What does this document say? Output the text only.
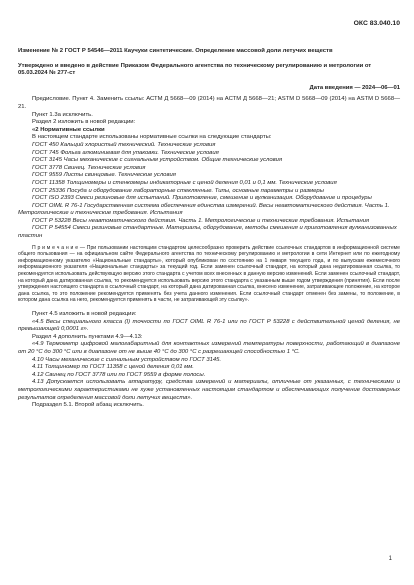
ОКС 83.040.10

Изменение № 2 ГОСТ Р 54546—2011 Каучуки синтетические. Определение массовой доли летучих веществ

Утверждено и введено в действие Приказом Федерального агентства по техническому регулированию и метрологии от 05.03.2024 № 277-ст

Дата введения — 2024—06—01

Предисловие. Пункт 4. Заменить ссылы: АСТМ Д 5668—09 (2014) на АСТМ Д 5668—21; ASTM D 5668—09 (2014) на ASTM D 5668—21.

Пункт 1.3а исключить.

Раздел 2 изложить в новой редакции:

«2 Нормативные ссылки

В настоящем стандарте использованы нормативные ссылки на следующие стандарты:

ГОСТ 450 Кальций хлористый технический. Технические условия

ГОСТ 745 Фольга алюминиевая для упаковки. Технические условия

ГОСТ 3145 Часы механические с сигнальным устройством. Общие технические условия

ГОСТ 3778 Свинец. Технические условия

ГОСТ 9559 Листы свинцовые. Технические условия

ГОСТ 11358 Толщиномеры и стенкомеры индикаторные с ценой деления 0,01 и 0,1 мм. Технические условия

ГОСТ 25336 Посуда и оборудование лабораторные стеклянные. Типы, основные параметры и размеры

ГОСТ ISO 2393 Смеси резиновые для испытаний. Приготовление, смешение и вулканизация. Оборудование и процедуры

ГОСТ OIML R 76-1 Государственная система обеспечения единства измерений. Весы неавтоматического действия. Часть 1. Метрологические и технические требования. Испытания

ГОСТ Р 53228 Весы неавтоматического действия. Часть 1. Метрологические и технические требования. Испытания

ГОСТ Р 54554 Смеси резиновые стандартные. Материалы, оборудование, методы смешения и приготовления вулканизованных пластин

П р и м е ч а н и е — При пользовании настоящим стандартом целесообразно проверить действие ссылочных стандартов в информационной системе общего пользования — на официальном сайте Федерального агентства по техническому регулированию и метрологии в сети Интернет или по ежегодному информационному указателю «Национальные стандарты», который опубликован по состоянию на 1 января текущего года, и по выпускам ежемесячного информационного указателя «Национальные стандарты» за текущий год. Если заменен ссылочный стандарт, на который дана недатированная ссылка, то рекомендуется использовать действующую версию этого стандарта с учетом всех внесенных в данную версию изменений. Если заменен ссылочный стандарт, на который дана датированная ссылка, то рекомендуется использовать версию этого стандарта с указанным выше годом утверждения (принятия). Если после утверждения настоящего стандарта в ссылочный стандарт, на который дана датированная ссылка, внесено изменение, затрагивающее положение, на которое дана ссылка, то это положение рекомендуется применять без учета данного изменения. Если ссылочный стандарт отменен без замены, то положение, в котором дана ссылка на него, рекомендуется применять в части, не затрагивающей эту ссылку».

Пункт 4.5 изложить в новой редакции:

«4.5 Весы специального класса (I) точности по ГОСТ OIML R 76-1 или по ГОСТ Р 53228 с действительной ценой деления, не превышающей 0,0001 г».

Раздел 4 дополнить пунктами 4.9—4.13:

«4.9 Термометр цифровой малогабаритный для контактных измерений температуры поверхности, работающий в диапазоне от 20 °С до 300 °С или в диапазоне от не выше 40 °С до 300 °С с разрешающей способностью 1 °С.

4.10 Часы механические с сигнальным устройством по ГОСТ 3145.

4.11 Толщиномер по ГОСТ 11358 с ценой деления 0,01 мм.

4.12 Свинец по ГОСТ 3778 или по ГОСТ 9559 в форме полосы.

4.13 Допускается использовать аппаратуру, средства измерений и материалы, отличные от указанных, с техническими и метрологическими характеристиками не хуже установленных настоящим стандартом и обеспечивающих получение достоверных результатов определения массовой доли летучих веществ».

Подраздел 5.1. Второй абзац исключить.

1
